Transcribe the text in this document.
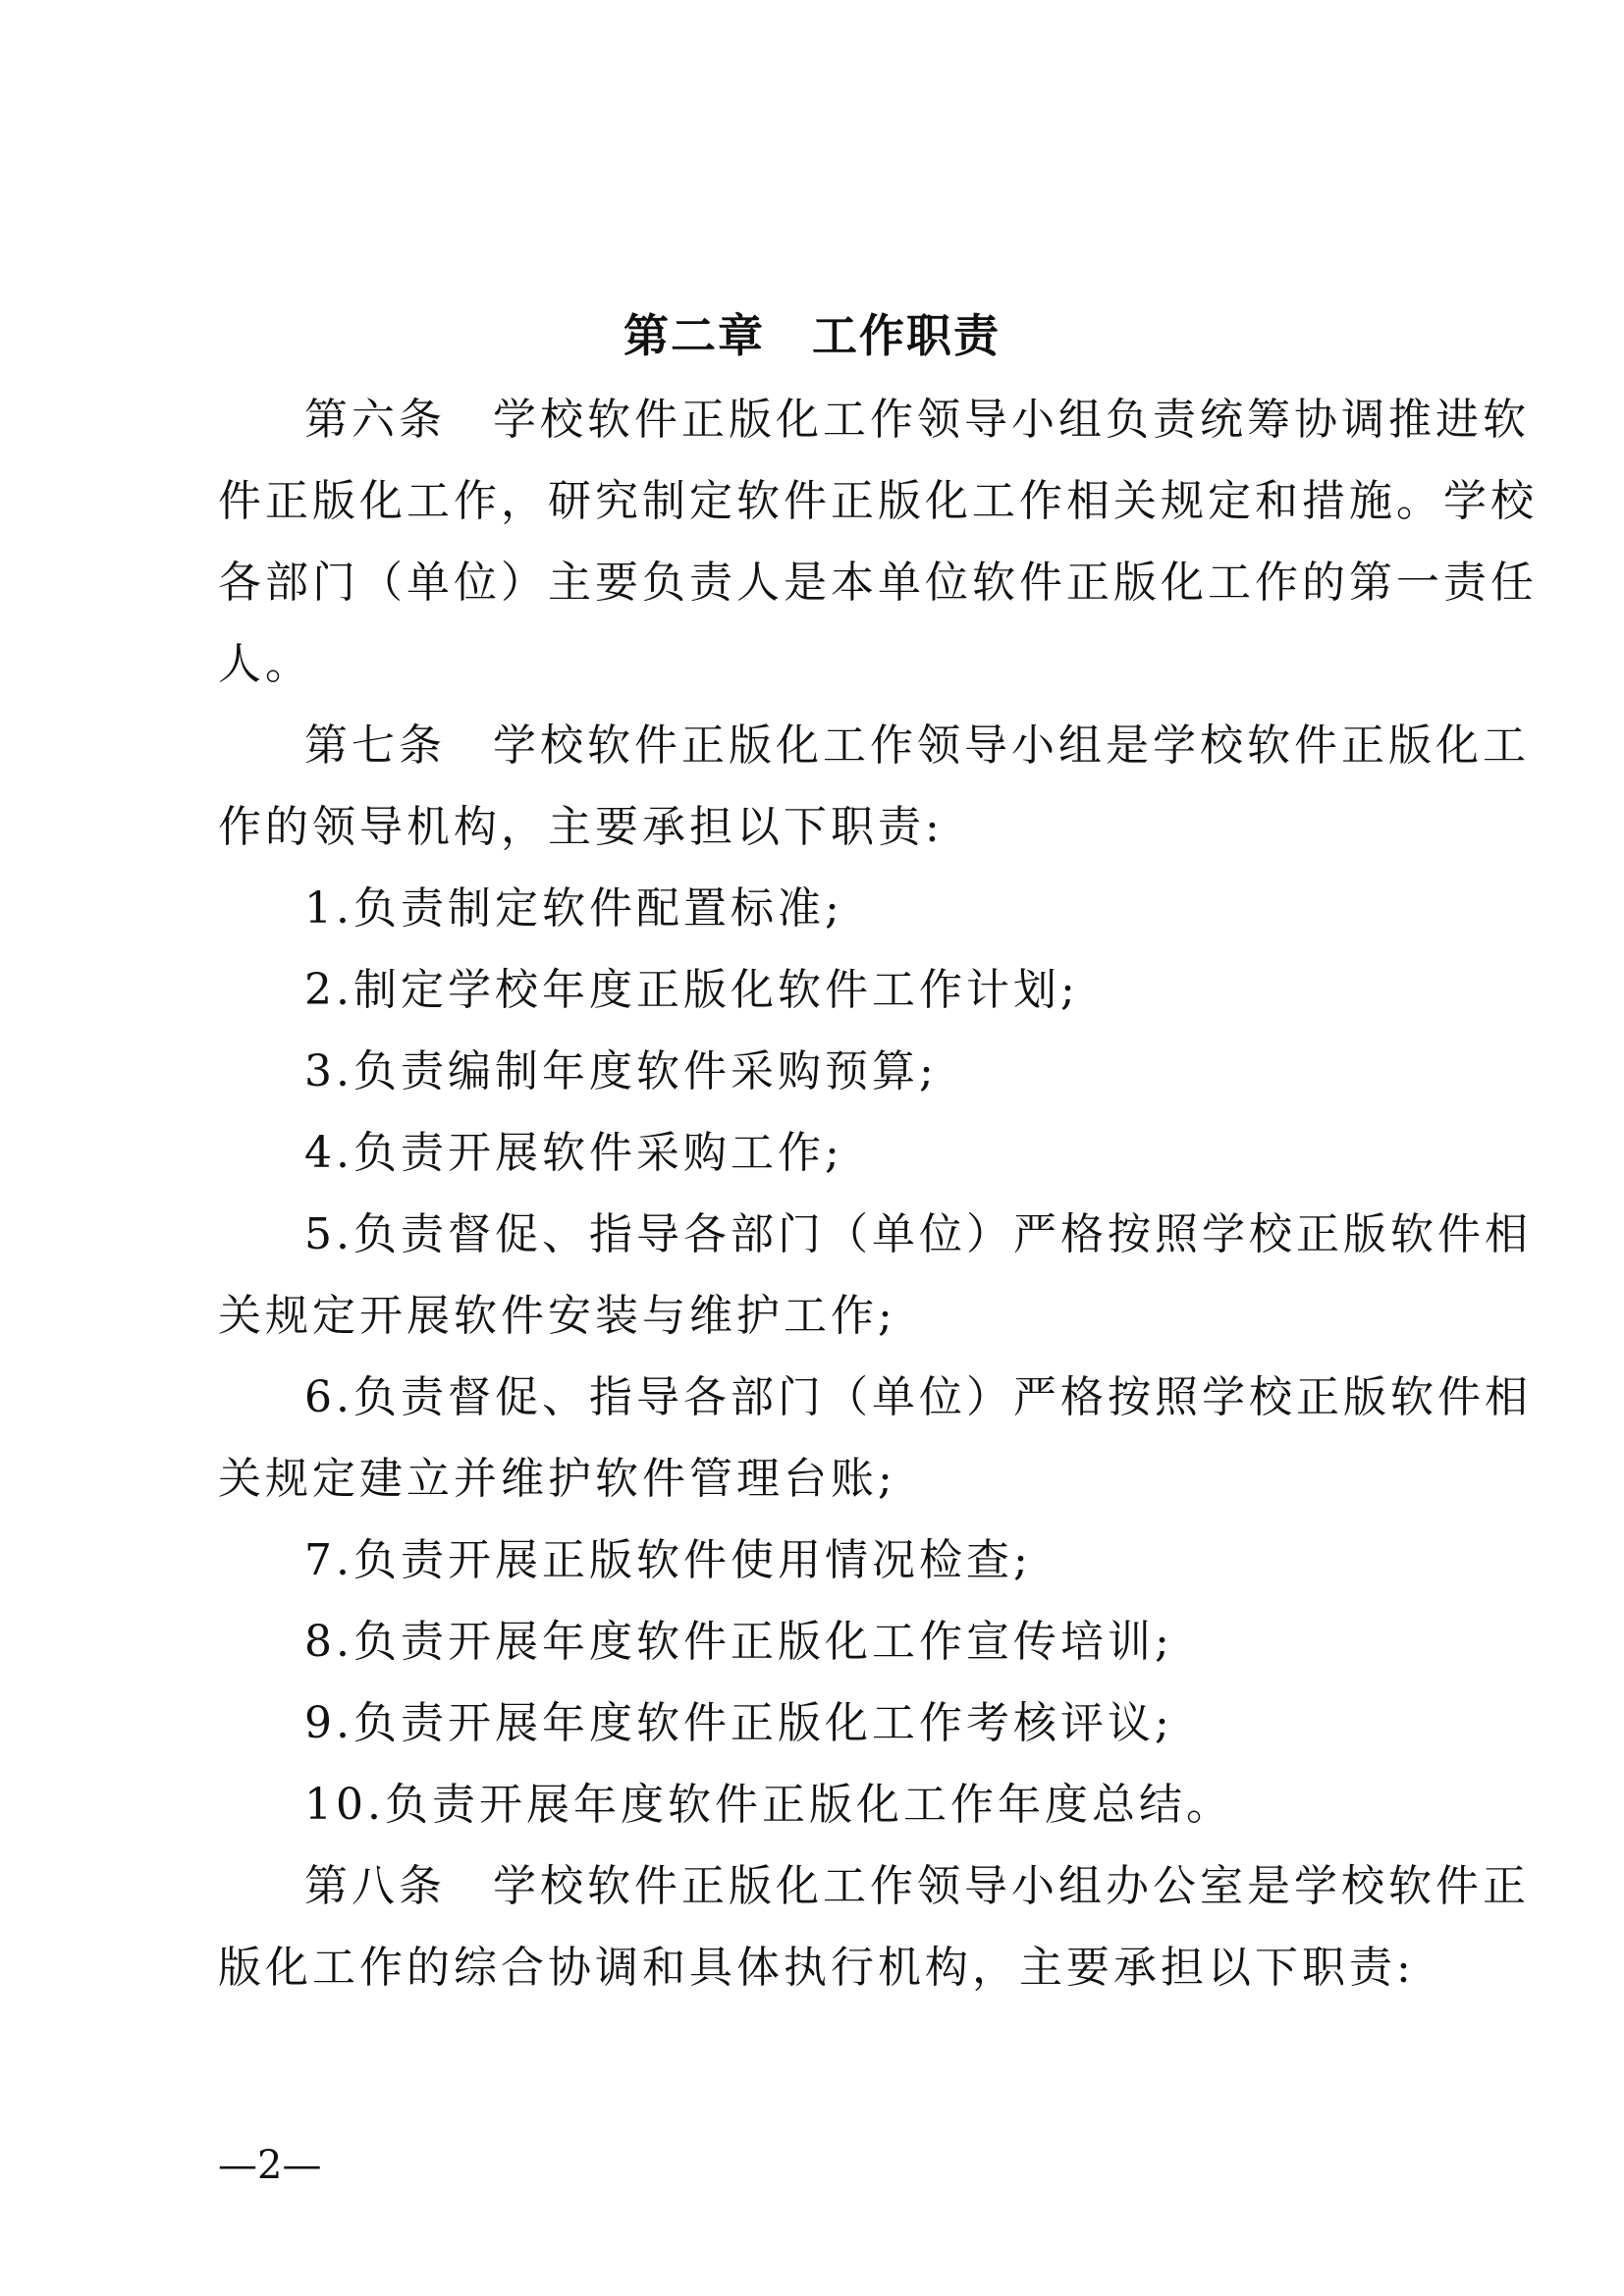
第二章　工作职责
第六条　学校软件正版化工作领导小组负责统筹协调推进软
件正版化工作，研究制定软件正版化工作相关规定和措施。学校
各部门（单位）主要负责人是本单位软件正版化工作的第一责任
人。
第七条　学校软件正版化工作领导小组是学校软件正版化工
作的领导机构，主要承担以下职责:
1.负责制定软件配置标准;
2.制定学校年度正版化软件工作计划;
3.负责编制年度软件采购预算;
4.负责开展软件采购工作;
5.负责督促、指导各部门（单位）严格按照学校正版软件相
关规定开展软件安装与维护工作;
6.负责督促、指导各部门（单位）严格按照学校正版软件相
关规定建立并维护软件管理台账;
7.负责开展正版软件使用情况检查;
8.负责开展年度软件正版化工作宣传培训;
9.负责开展年度软件正版化工作考核评议;
10.负责开展年度软件正版化工作年度总结。
第八条　学校软件正版化工作领导小组办公室是学校软件正
版化工作的综合协调和具体执行机构，主要承担以下职责:
—2—
